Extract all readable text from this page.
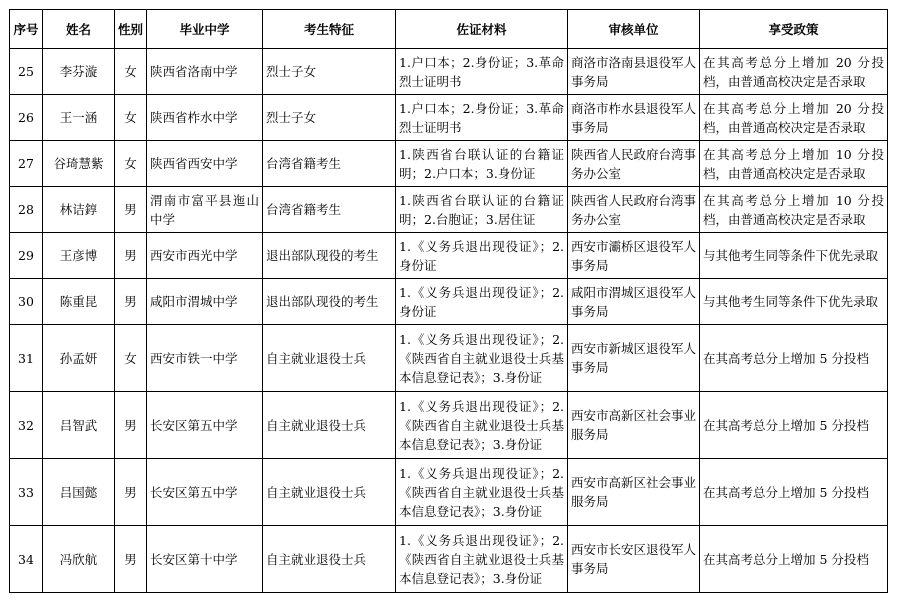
序号	姓名	性别	毕业中学	考生特征	佐证材料	审核单位	享受政策
25	李芬漩	女	陕西省洛南中学	烈士子女	1.户口本；2.身份证；3.革命烈士证明书	商洛市洛南县退役军人事务局	在其高考总分上增加 20 分投档，由普通高校决定是否录取
26	王一涵	女	陕西省柞水中学	烈士子女	1.户口本；2.身份证；3.革命烈士证明书	商洛市柞水县退役军人事务局	在其高考总分上增加 20 分投档，由普通高校决定是否录取
27	谷琦慧紫	女	陕西省西安中学	台湾省籍考生	1.陕西省台联认证的台籍证明；2.户口本；3.身份证	陕西省人民政府台湾事务办公室	在其高考总分上增加 10 分投档，由普通高校决定是否录取
28	林诘錞	男	渭南市富平县迤山中学	台湾省籍考生	1.陕西省台联认证的台籍证明；2.台胞证；3.居住证	陕西省人民政府台湾事务办公室	在其高考总分上增加 10 分投档，由普通高校决定是否录取
29	王彦博	男	西安市西光中学	退出部队现役的考生	1.《义务兵退出现役证》；2.身份证	西安市灞桥区退役军人事务局	与其他考生同等条件下优先录取
30	陈重昆	男	咸阳市渭城中学	退出部队现役的考生	1.《义务兵退出现役证》；2.身份证	咸阳市渭城区退役军人事务局	与其他考生同等条件下优先录取
31	孙孟妍	女	西安市铁一中学	自主就业退役士兵	1.《义务兵退出现役证》；2.《陕西省自主就业退役士兵基本信息登记表》；3.身份证	西安市新城区退役军人事务局	在其高考总分上增加 5 分投档
32	吕智武	男	长安区第五中学	自主就业退役士兵	1.《义务兵退出现役证》；2.《陕西省自主就业退役士兵基本信息登记表》；3.身份证	西安市高新区社会事业服务局	在其高考总分上增加 5 分投档
33	吕国懿	男	长安区第五中学	自主就业退役士兵	1.《义务兵退出现役证》；2.《陕西省自主就业退役士兵基本信息登记表》；3.身份证	西安市高新区社会事业服务局	在其高考总分上增加 5 分投档
34	冯欣航	男	长安区第十中学	自主就业退役士兵	1.《义务兵退出现役证》；2.《陕西省自主就业退役士兵基本信息登记表》；3.身份证	西安市长安区退役军人事务局	在其高考总分上增加 5 分投档
